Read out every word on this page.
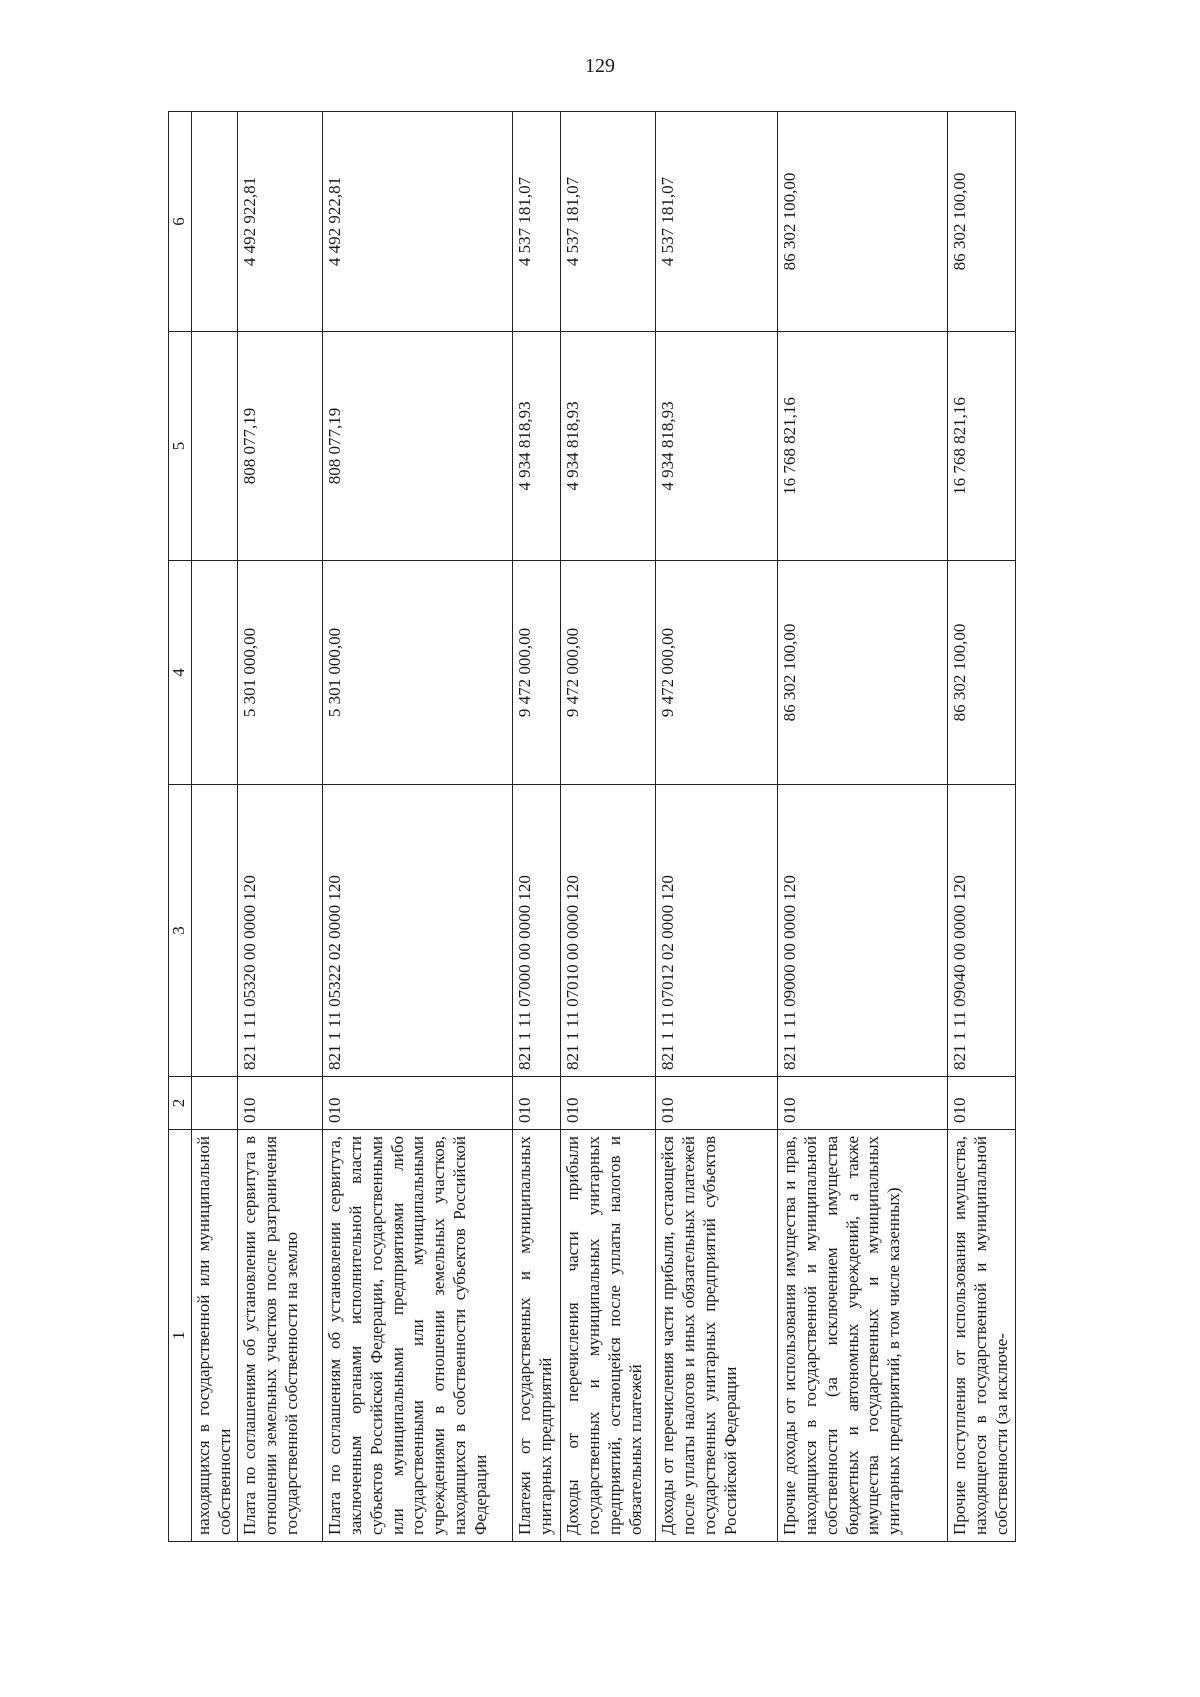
129
1	2	3	4	5	6
находящихся в государственной или муниципальной собственности					
Плата по соглашениям об установлении сервитута в отношении земельных участков после разграничения государственной собственности на землю	010	821 1 11 05320 00 0000 120	5 301 000,00	808 077,19	4 492 922,81
Плата по соглашениям об установлении сервитута, заключенным органами исполнительной власти субъектов Российской Федерации, государственными или муниципальными предприятиями либо государственными или муниципальными учреждениями в отношении земельных участков, находящихся в собственности субъектов Российской Федерации	010	821 1 11 05322 02 0000 120	5 301 000,00	808 077,19	4 492 922,81
Платежи от государственных и муниципальных унитарных предприятий	010	821 1 11 07000 00 0000 120	9 472 000,00	4 934 818,93	4 537 181,07
Доходы от перечисления части прибыли государственных и муниципальных унитарных предприятий, остающейся после уплаты налогов и обязательных платежей	010	821 1 11 07010 00 0000 120	9 472 000,00	4 934 818,93	4 537 181,07
Доходы от перечисления части прибыли, остающейся после уплаты налогов и иных обязательных платежей государственных унитарных предприятий субъектов Российской Федерации	010	821 1 11 07012 02 0000 120	9 472 000,00	4 934 818,93	4 537 181,07
Прочие доходы от использования имущества и прав, находящихся в государственной и муниципальной собственности (за исключением имущества бюджетных и автономных учреждений, а также имущества государственных и муниципальных унитарных предприятий, в том числе казенных)	010	821 1 11 09000 00 0000 120	86 302 100,00	16 768 821,16	86 302 100,00
Прочие поступления от использования имущества, находящегося в государственной и муниципальной собственности (за исключе-	010	821 1 11 09040 00 0000 120	86 302 100,00	16 768 821,16	86 302 100,00
